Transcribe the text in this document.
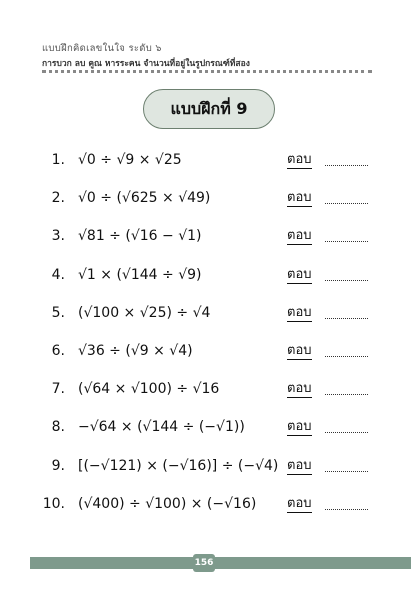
แบบฝึกคิดเลขในใจ ระดับ ๖
การบวก ลบ คูณ หารระคน จำนวนที่อยู่ในรูปกรณฑ์ที่สอง
แบบฝึกที่ 9
1. √0 ÷ √9 × √25	ตอบ
2. √0 ÷ (√625 × √49)	ตอบ
3. √81 ÷ (√16 − √1)	ตอบ
4. √1 × (√144 ÷ √9)	ตอบ
5. (√100 × √25) ÷ √4	ตอบ
6. √36 ÷ (√9 × √4)	ตอบ
7. (√64 × √100) ÷ √16	ตอบ
8. −√64 × (√144 ÷ (−√1))	ตอบ
9. [(−√121) × (−√16)] ÷ (−√4) ตอบ
10. (√400) ÷ √100) × (−√16) ตอบ
156
